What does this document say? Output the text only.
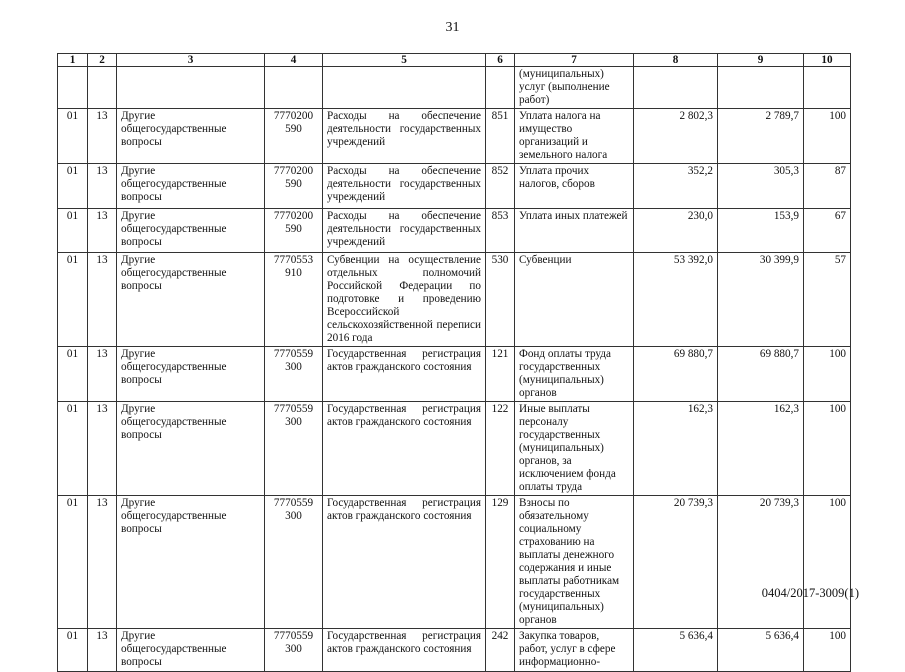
31
1	2	3	4	5	6	7	8	9	10
						(муниципальных) услуг (выполнение работ)			
01	13	Другие общегосударственные вопросы	7770200 590	Расходы на обеспечение деятельности государственных учреждений	851	Уплата налога на имущество организаций и земельного налога	2 802,3	2 789,7	100
01	13	Другие общегосударственные вопросы	7770200 590	Расходы на обеспечение деятельности государственных учреждений	852	Уплата прочих налогов, сборов	352,2	305,3	87
01	13	Другие общегосударственные вопросы	7770200 590	Расходы на обеспечение деятельности государственных учреждений	853	Уплата иных платежей	230,0	153,9	67
01	13	Другие общегосударственные вопросы	7770553 910	Субвенции на осуществление отдельных полномочий Российской Федерации по подготовке и проведению Всероссийской сельскохозяйственной переписи 2016 года	530	Субвенции	53 392,0	30 399,9	57
01	13	Другие общегосударственные вопросы	7770559 300	Государственная регистрация актов гражданского состояния	121	Фонд оплаты труда государственных (муниципальных) органов	69 880,7	69 880,7	100
01	13	Другие общегосударственные вопросы	7770559 300	Государственная регистрация актов гражданского состояния	122	Иные выплаты персоналу государственных (муниципальных) органов, за исключением фонда оплаты труда	162,3	162,3	100
01	13	Другие общегосударственные вопросы	7770559 300	Государственная регистрация актов гражданского состояния	129	Взносы по обязательному социальному страхованию на выплаты денежного содержания и иные выплаты работникам государственных (муниципальных) органов	20 739,3	20 739,3	100
01	13	Другие общегосударственные вопросы	7770559 300	Государственная регистрация актов гражданского состояния	242	Закупка товаров, работ, услуг в сфере информационно-	5 636,4	5 636,4	100
0404/2017-3009(1)
